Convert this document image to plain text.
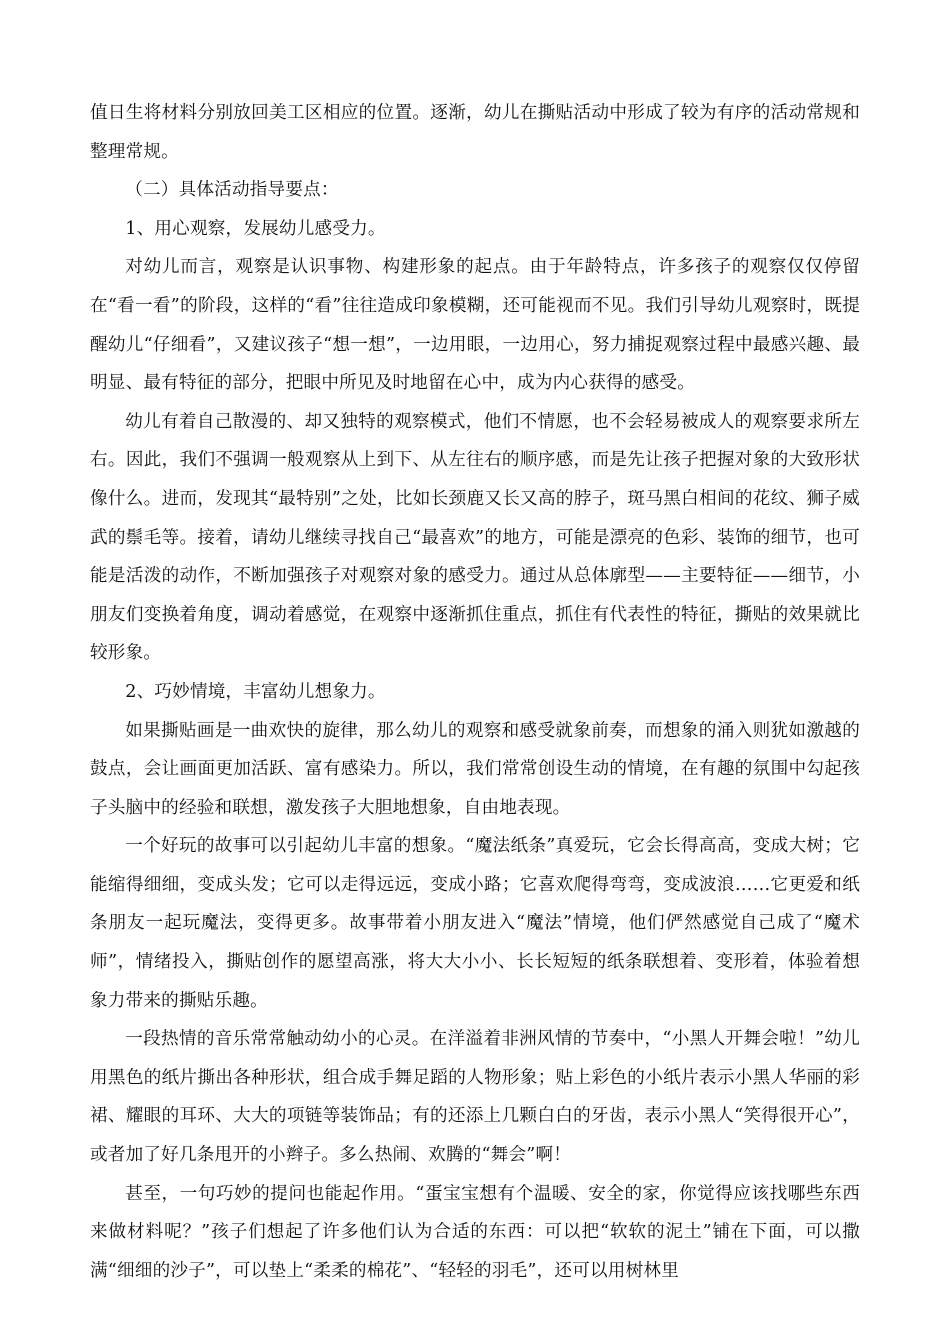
值日生将材料分别放回美工区相应的位置。逐渐，幼儿在撕贴活动中形成了较为有序的活动常规和整理常规。

（二）具体活动指导要点：

1、用心观察，发展幼儿感受力。

对幼儿而言，观察是认识事物、构建形象的起点。由于年龄特点，许多孩子的观察仅仅停留在“看一看”的阶段，这样的“看”往往造成印象模糊，还可能视而不见。我们引导幼儿观察时，既提醒幼儿“仔细看”，又建议孩子“想一想”，一边用眼，一边用心，努力捕捉观察过程中最感兴趣、最明显、最有特征的部分，把眼中所见及时地留在心中，成为内心获得的感受。

幼儿有着自己散漫的、却又独特的观察模式，他们不情愿，也不会轻易被成人的观察要求所左右。因此，我们不强调一般观察从上到下、从左往右的顺序感，而是先让孩子把握对象的大致形状像什么。进而，发现其“最特别”之处，比如长颈鹿又长又高的脖子，斑马黑白相间的花纹、狮子威武的鬃毛等。接着，请幼儿继续寻找自己“最喜欢”的地方，可能是漂亮的色彩、装饰的细节，也可能是活泼的动作，不断加强孩子对观察对象的感受力。通过从总体廓型——主要特征——细节，小朋友们变换着角度，调动着感觉，在观察中逐渐抓住重点，抓住有代表性的特征，撕贴的效果就比较形象。

2、巧妙情境，丰富幼儿想象力。

如果撕贴画是一曲欢快的旋律，那么幼儿的观察和感受就象前奏，而想象的涌入则犹如激越的鼓点，会让画面更加活跃、富有感染力。所以，我们常常创设生动的情境，在有趣的氛围中勾起孩子头脑中的经验和联想，激发孩子大胆地想象，自由地表现。

一个好玩的故事可以引起幼儿丰富的想象。“魔法纸条”真爱玩，它会长得高高，变成大树；它能缩得细细，变成头发；它可以走得远远，变成小路；它喜欢爬得弯弯，变成波浪……它更爱和纸条朋友一起玩魔法，变得更多。故事带着小朋友进入“魔法”情境，他们俨然感觉自己成了“魔术师”，情绪投入，撕贴创作的愿望高涨，将大大小小、长长短短的纸条联想着、变形着，体验着想象力带来的撕贴乐趣。

一段热情的音乐常常触动幼小的心灵。在洋溢着非洲风情的节奏中，“小黑人开舞会啦！”幼儿用黑色的纸片撕出各种形状，组合成手舞足蹈的人物形象；贴上彩色的小纸片表示小黑人华丽的彩裙、耀眼的耳环、大大的项链等装饰品；有的还添上几颗白白的牙齿，表示小黑人“笑得很开心”，或者加了好几条甩开的小辫子。多么热闹、欢腾的“舞会”啊！

甚至，一句巧妙的提问也能起作用。“蛋宝宝想有个温暖、安全的家，你觉得应该找哪些东西来做材料呢？”孩子们想起了许多他们认为合适的东西：可以把“软软的泥土”铺在下面，可以撒满“细细的沙子”，可以垫上“柔柔的棉花”、“轻轻的羽毛”，还可以用树林里
